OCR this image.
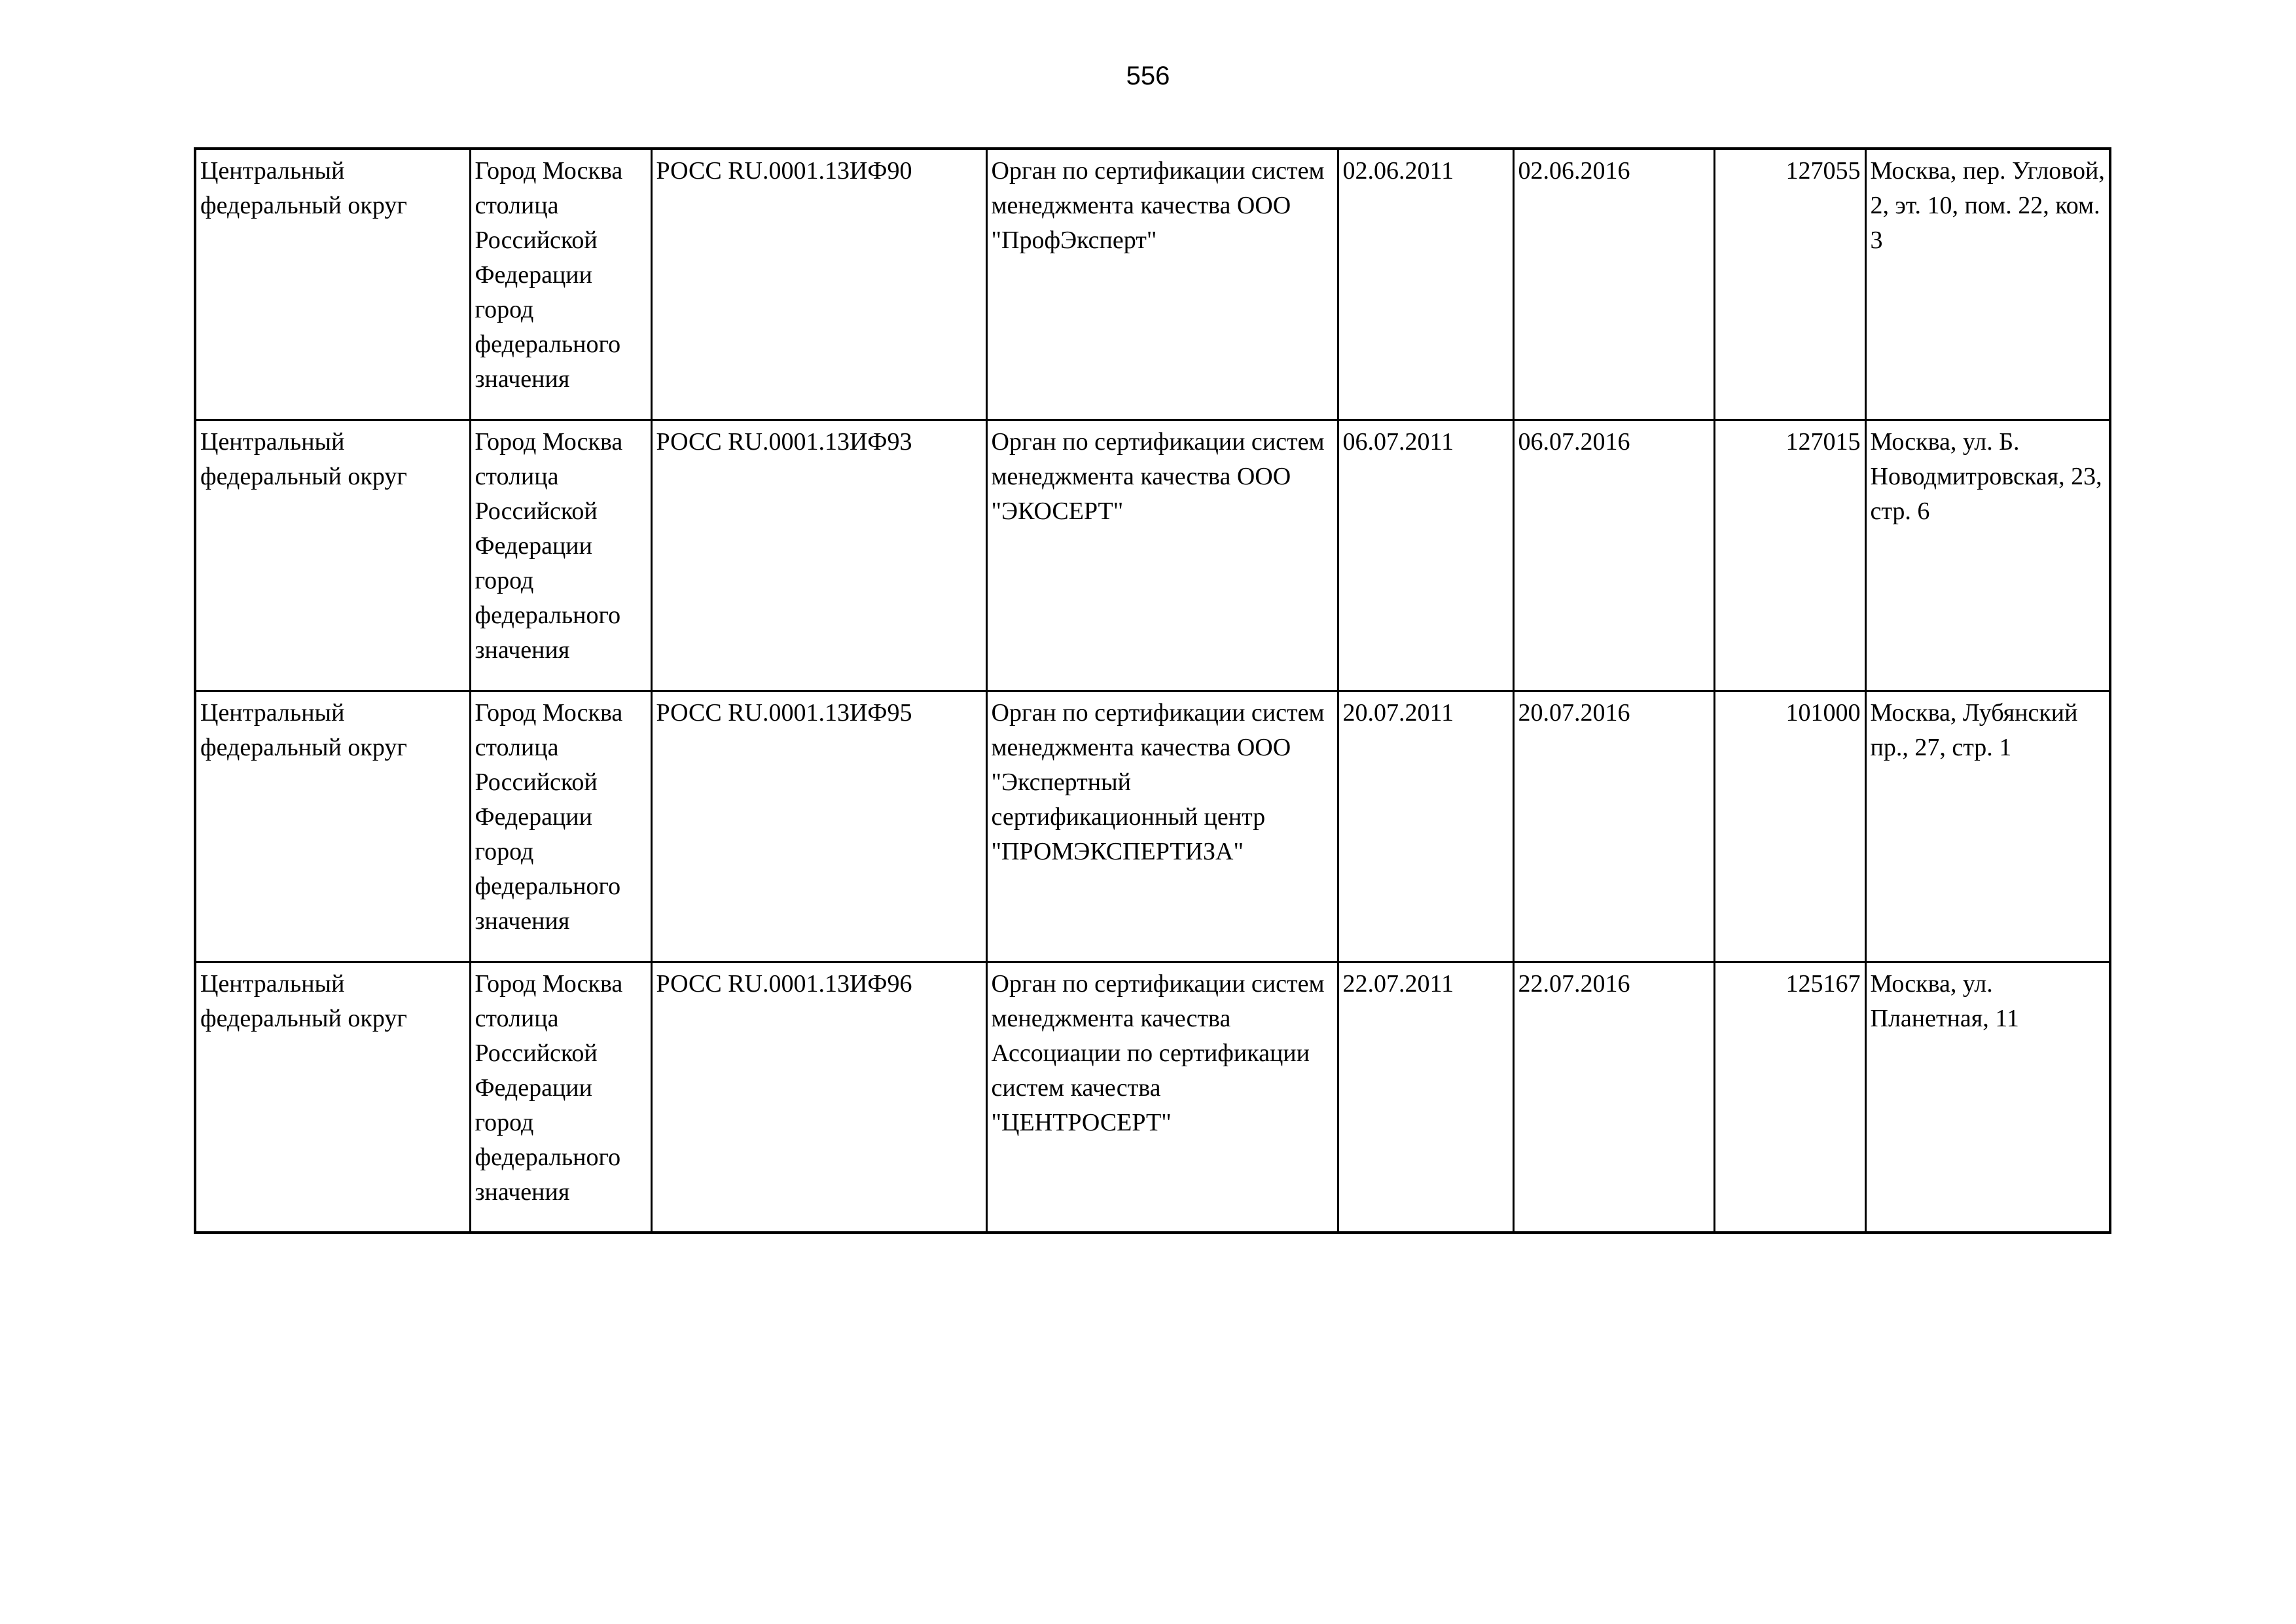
556
Центральный федеральный округ	Город Москва столица Российской Федерации город федерального значения	РОСС RU.0001.13ИФ90	Орган по сертификации систем менеджмента качества ООО "ПрофЭксперт"	02.06.2011	02.06.2016	127055	Москва, пер. Угловой, 2, эт. 10, пом. 22, ком. 3

Центральный федеральный округ	Город Москва столица Российской Федерации город федерального значения	РОСС RU.0001.13ИФ93	Орган по сертификации систем менеджмента качества ООО "ЭКОСЕРТ"	06.07.2011	06.07.2016	127015	Москва, ул. Б. Новодмитровская, 23, стр. 6

Центральный федеральный округ	Город Москва столица Российской Федерации город федерального значения	РОСС RU.0001.13ИФ95	Орган по сертификации систем менеджмента качества ООО "Экспертный сертификационный центр "ПРОМЭКСПЕРТИЗА"	20.07.2011	20.07.2016	101000	Москва, Лубянский пр., 27, стр. 1

Центральный федеральный округ	Город Москва столица Российской Федерации город федерального значения	РОСС RU.0001.13ИФ96	Орган по сертификации систем менеджмента качества Ассоциации по сертификации систем качества "ЦЕНТРОСЕРТ"	22.07.2011	22.07.2016	125167	Москва, ул. Планетная, 11
